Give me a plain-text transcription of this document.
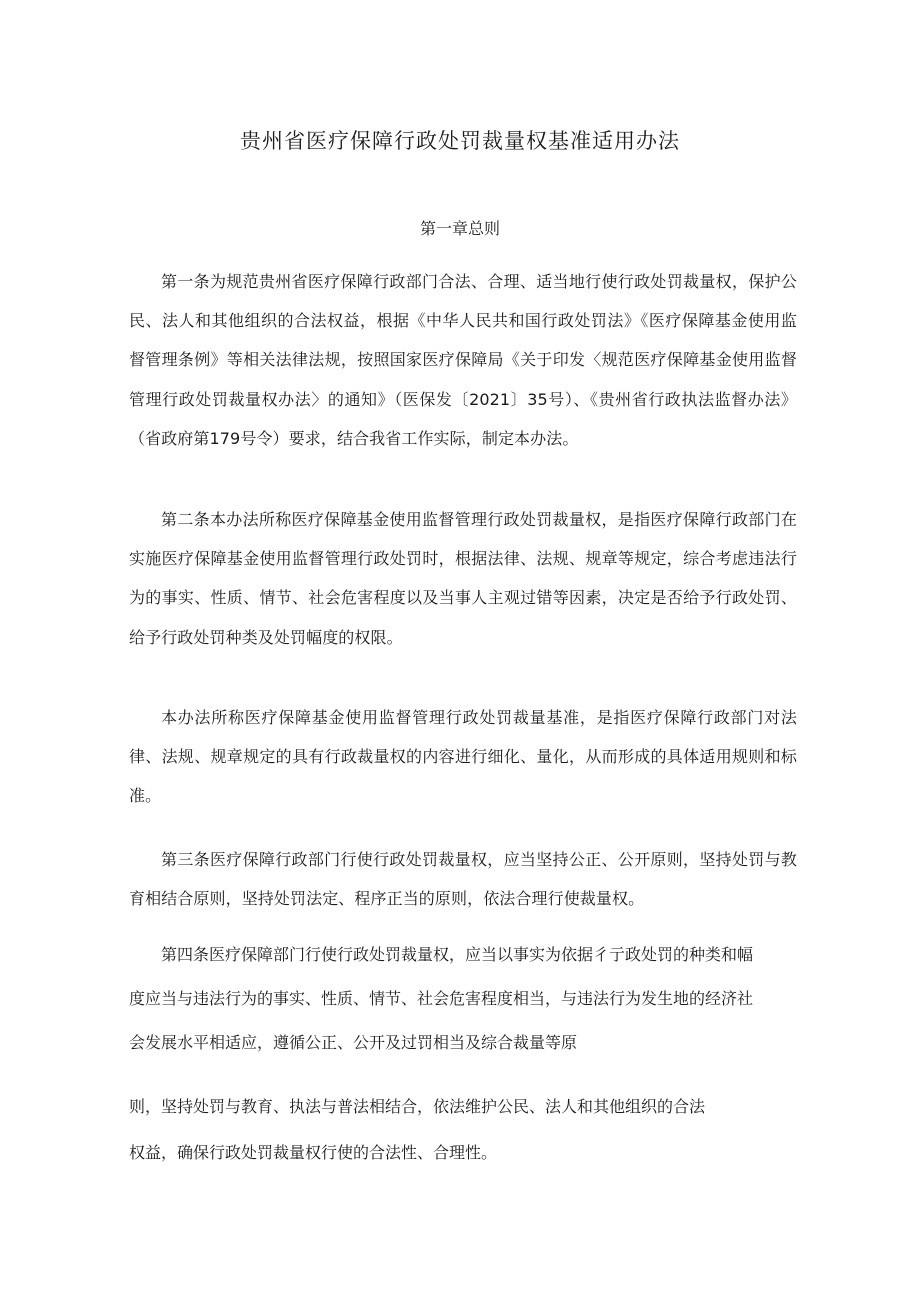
贵州省医疗保障行政处罚裁量权基准适用办法
第一章总则

第一条为规范贵州省医疗保障行政部门合法、合理、适当地行使行政处罚裁量权，保护公民、法人和其他组织的合法权益，根据《中华人民共和国行政处罚法》《医疗保障基金使用监督管理条例》等相关法律法规，按照国家医疗保障局《关于印发〈规范医疗保障基金使用监督管理行政处罚裁量权办法〉的通知》（医保发〔2021〕35号）、《贵州省行政执法监督办法》（省政府第179号令）要求，结合我省工作实际，制定本办法。

第二条本办法所称医疗保障基金使用监督管理行政处罚裁量权，是指医疗保障行政部门在实施医疗保障基金使用监督管理行政处罚时，根据法律、法规、规章等规定，综合考虑违法行为的事实、性质、情节、社会危害程度以及当事人主观过错等因素，决定是否给予行政处罚、给予行政处罚种类及处罚幅度的权限。

本办法所称医疗保障基金使用监督管理行政处罚裁量基准，是指医疗保障行政部门对法律、法规、规章规定的具有行政裁量权的内容进行细化、量化，从而形成的具体适用规则和标准。

第三条医疗保障行政部门行使行政处罚裁量权，应当坚持公正、公开原则，坚持处罚与教育相结合原则，坚持处罚法定、程序正当的原则，依法合理行使裁量权。

第四条医疗保障部门行使行政处罚裁量权，应当以事实为依据彳亍政处罚的种类和幅

度应当与违法行为的事实、性质、情节、社会危害程度相当，与违法行为发生地的经济社

会发展水平相适应，遵循公正、公开及过罚相当及综合裁量等原

则，坚持处罚与教育、执法与普法相结合，依法维护公民、法人和其他组织的合法

权益，确保行政处罚裁量权行使的合法性、合理性。
